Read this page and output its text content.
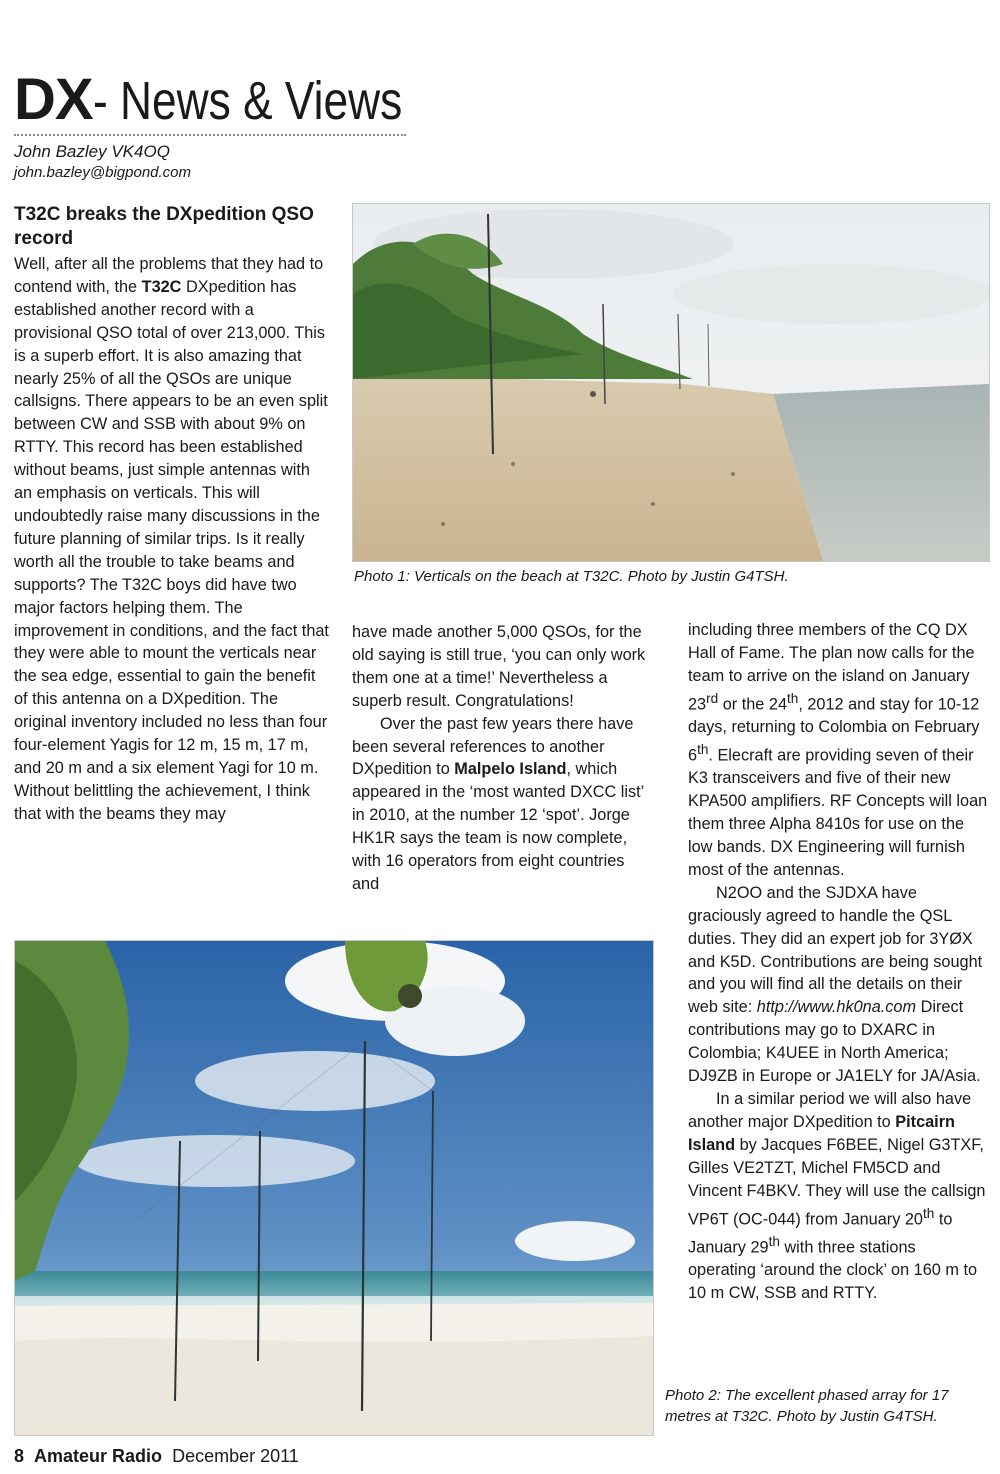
DX- News & Views
John Bazley VK4OQ
john.bazley@bigpond.com
T32C breaks the DXpedition QSO record

Well, after all the problems that they had to contend with, the T32C DXpedition has established another record with a provisional QSO total of over 213,000. This is a superb effort. It is also amazing that nearly 25% of all the QSOs are unique callsigns. There appears to be an even split between CW and SSB with about 9% on RTTY. This record has been established without beams, just simple antennas with an emphasis on verticals. This will undoubtedly raise many discussions in the future planning of similar trips. Is it really worth all the trouble to take beams and supports? The T32C boys did have two major factors helping them. The improvement in conditions, and the fact that they were able to mount the verticals near the sea edge, essential to gain the benefit of this antenna on a DXpedition. The original inventory included no less than four four-element Yagis for 12 m, 15 m, 17 m, and 20 m and a six element Yagi for 10 m. Without belittling the achievement, I think that with the beams they may

Photo 1: Verticals on the beach at T32C. Photo by Justin G4TSH.

have made another 5,000 QSOs, for the old saying is still true, ‘you can only work them one at a time!’ Nevertheless a superb result. Congratulations!

Over the past few years there have been several references to another DXpedition to Malpelo Island, which appeared in the ‘most wanted DXCC list’ in 2010, at the number 12 ‘spot’. Jorge HK1R says the team is now complete, with 16 operators from eight countries and

including three members of the CQ DX Hall of Fame. The plan now calls for the team to arrive on the island on January 23rd or the 24th, 2012 and stay for 10-12 days, returning to Colombia on February 6th. Elecraft are providing seven of their K3 transceivers and five of their new KPA500 amplifiers. RF Concepts will loan them three Alpha 8410s for use on the low bands. DX Engineering will furnish most of the antennas.

N2OO and the SJDXA have graciously agreed to handle the QSL duties. They did an expert job for 3YØX and K5D. Contributions are being sought and you will find all the details on their web site: http://www.hk0na.com Direct contributions may go to DXARC in Colombia; K4UEE in North America; DJ9ZB in Europe or JA1ELY for JA/Asia.

In a similar period we will also have another major DXpedition to Pitcairn Island by Jacques F6BEE, Nigel G3TXF, Gilles VE2TZT, Michel FM5CD and Vincent F4BKV. They will use the callsign VP6T (OC-044) from January 20th to January 29th with three stations operating ‘around the clock’ on 160 m to 10 m CW, SSB and RTTY.

Photo 2: The excellent phased array for 17 metres at T32C. Photo by Justin G4TSH.
8 Amateur Radio December 2011
